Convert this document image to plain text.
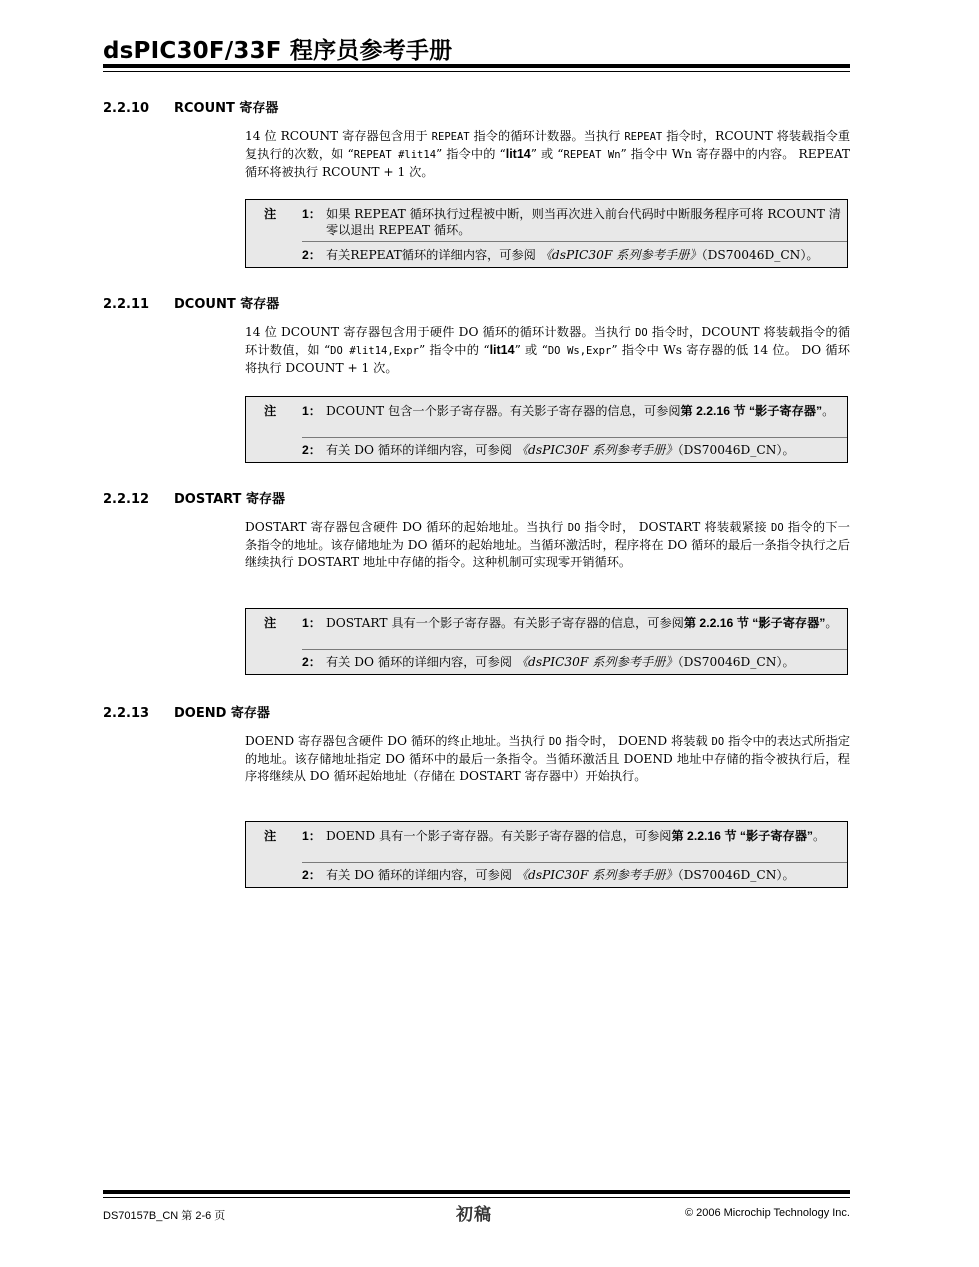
dsPIC30F/33F 程序员参考手册
2.2.10 RCOUNT 寄存器

14 位 RCOUNT 寄存器包含用于 REPEAT 指令的循环计数器。当执行 REPEAT 指令时，RCOUNT 将装载指令重复执行的次数，如 “REPEAT #lit14” 指令中的 “lit14” 或 “REPEAT Wn” 指令中 Wn 寄存器中的内容。 REPEAT 循环将被执行 RCOUNT + 1 次。

注 1： 如果 REPEAT 循环执行过程被中断，则当再次进入前台代码时中断服务程序可将 RCOUNT 清零以退出 REPEAT 循环。
2： 有关REPEAT循环的详细内容，可参阅 《dsPIC30F 系列参考手册》（DS70046D_CN）。
2.2.11 DCOUNT 寄存器

14 位 DCOUNT 寄存器包含用于硬件 DO 循环的循环计数器。当执行 DO 指令时，DCOUNT 将装载指令的循环计数值，如 “DO #lit14,Expr” 指令中的 “lit14” 或 “DO Ws,Expr” 指令中 Ws 寄存器的低 14 位。 DO 循环将执行 DCOUNT + 1 次。

注 1： DCOUNT 包含一个影子寄存器。有关影子寄存器的信息，可参阅第 2.2.16 节 “影子寄存器”。
2： 有关 DO 循环的详细内容，可参阅 《dsPIC30F 系列参考手册》（DS70046D_CN）。
2.2.12 DOSTART 寄存器

DOSTART 寄存器包含硬件 DO 循环的起始地址。当执行 DO 指令时， DOSTART 将装载紧接 DO 指令的下一条指令的地址。该存储地址为 DO 循环的起始地址。当循环激活时，程序将在 DO 循环的最后一条指令执行之后继续执行 DOSTART 地址中存储的指令。这种机制可实现零开销循环。

注 1： DOSTART 具有一个影子寄存器。有关影子寄存器的信息，可参阅第 2.2.16 节 “影子寄存器”。
2： 有关 DO 循环的详细内容，可参阅 《dsPIC30F 系列参考手册》（DS70046D_CN）。
2.2.13 DOEND 寄存器

DOEND 寄存器包含硬件 DO 循环的终止地址。当执行 DO 指令时， DOEND 将装载 DO 指令中的表达式所指定的地址。该存储地址指定 DO 循环中的最后一条指令。当循环激活且 DOEND 地址中存储的指令被执行后，程序将继续从 DO 循环起始地址（存储在 DOSTART 寄存器中）开始执行。

注 1： DOEND 具有一个影子寄存器。有关影子寄存器的信息，可参阅第 2.2.16 节 “影子寄存器”。
2： 有关 DO 循环的详细内容，可参阅 《dsPIC30F 系列参考手册》（DS70046D_CN）。

DS70157B_CN 第 2-6 页	初稿	© 2006 Microchip Technology Inc.
